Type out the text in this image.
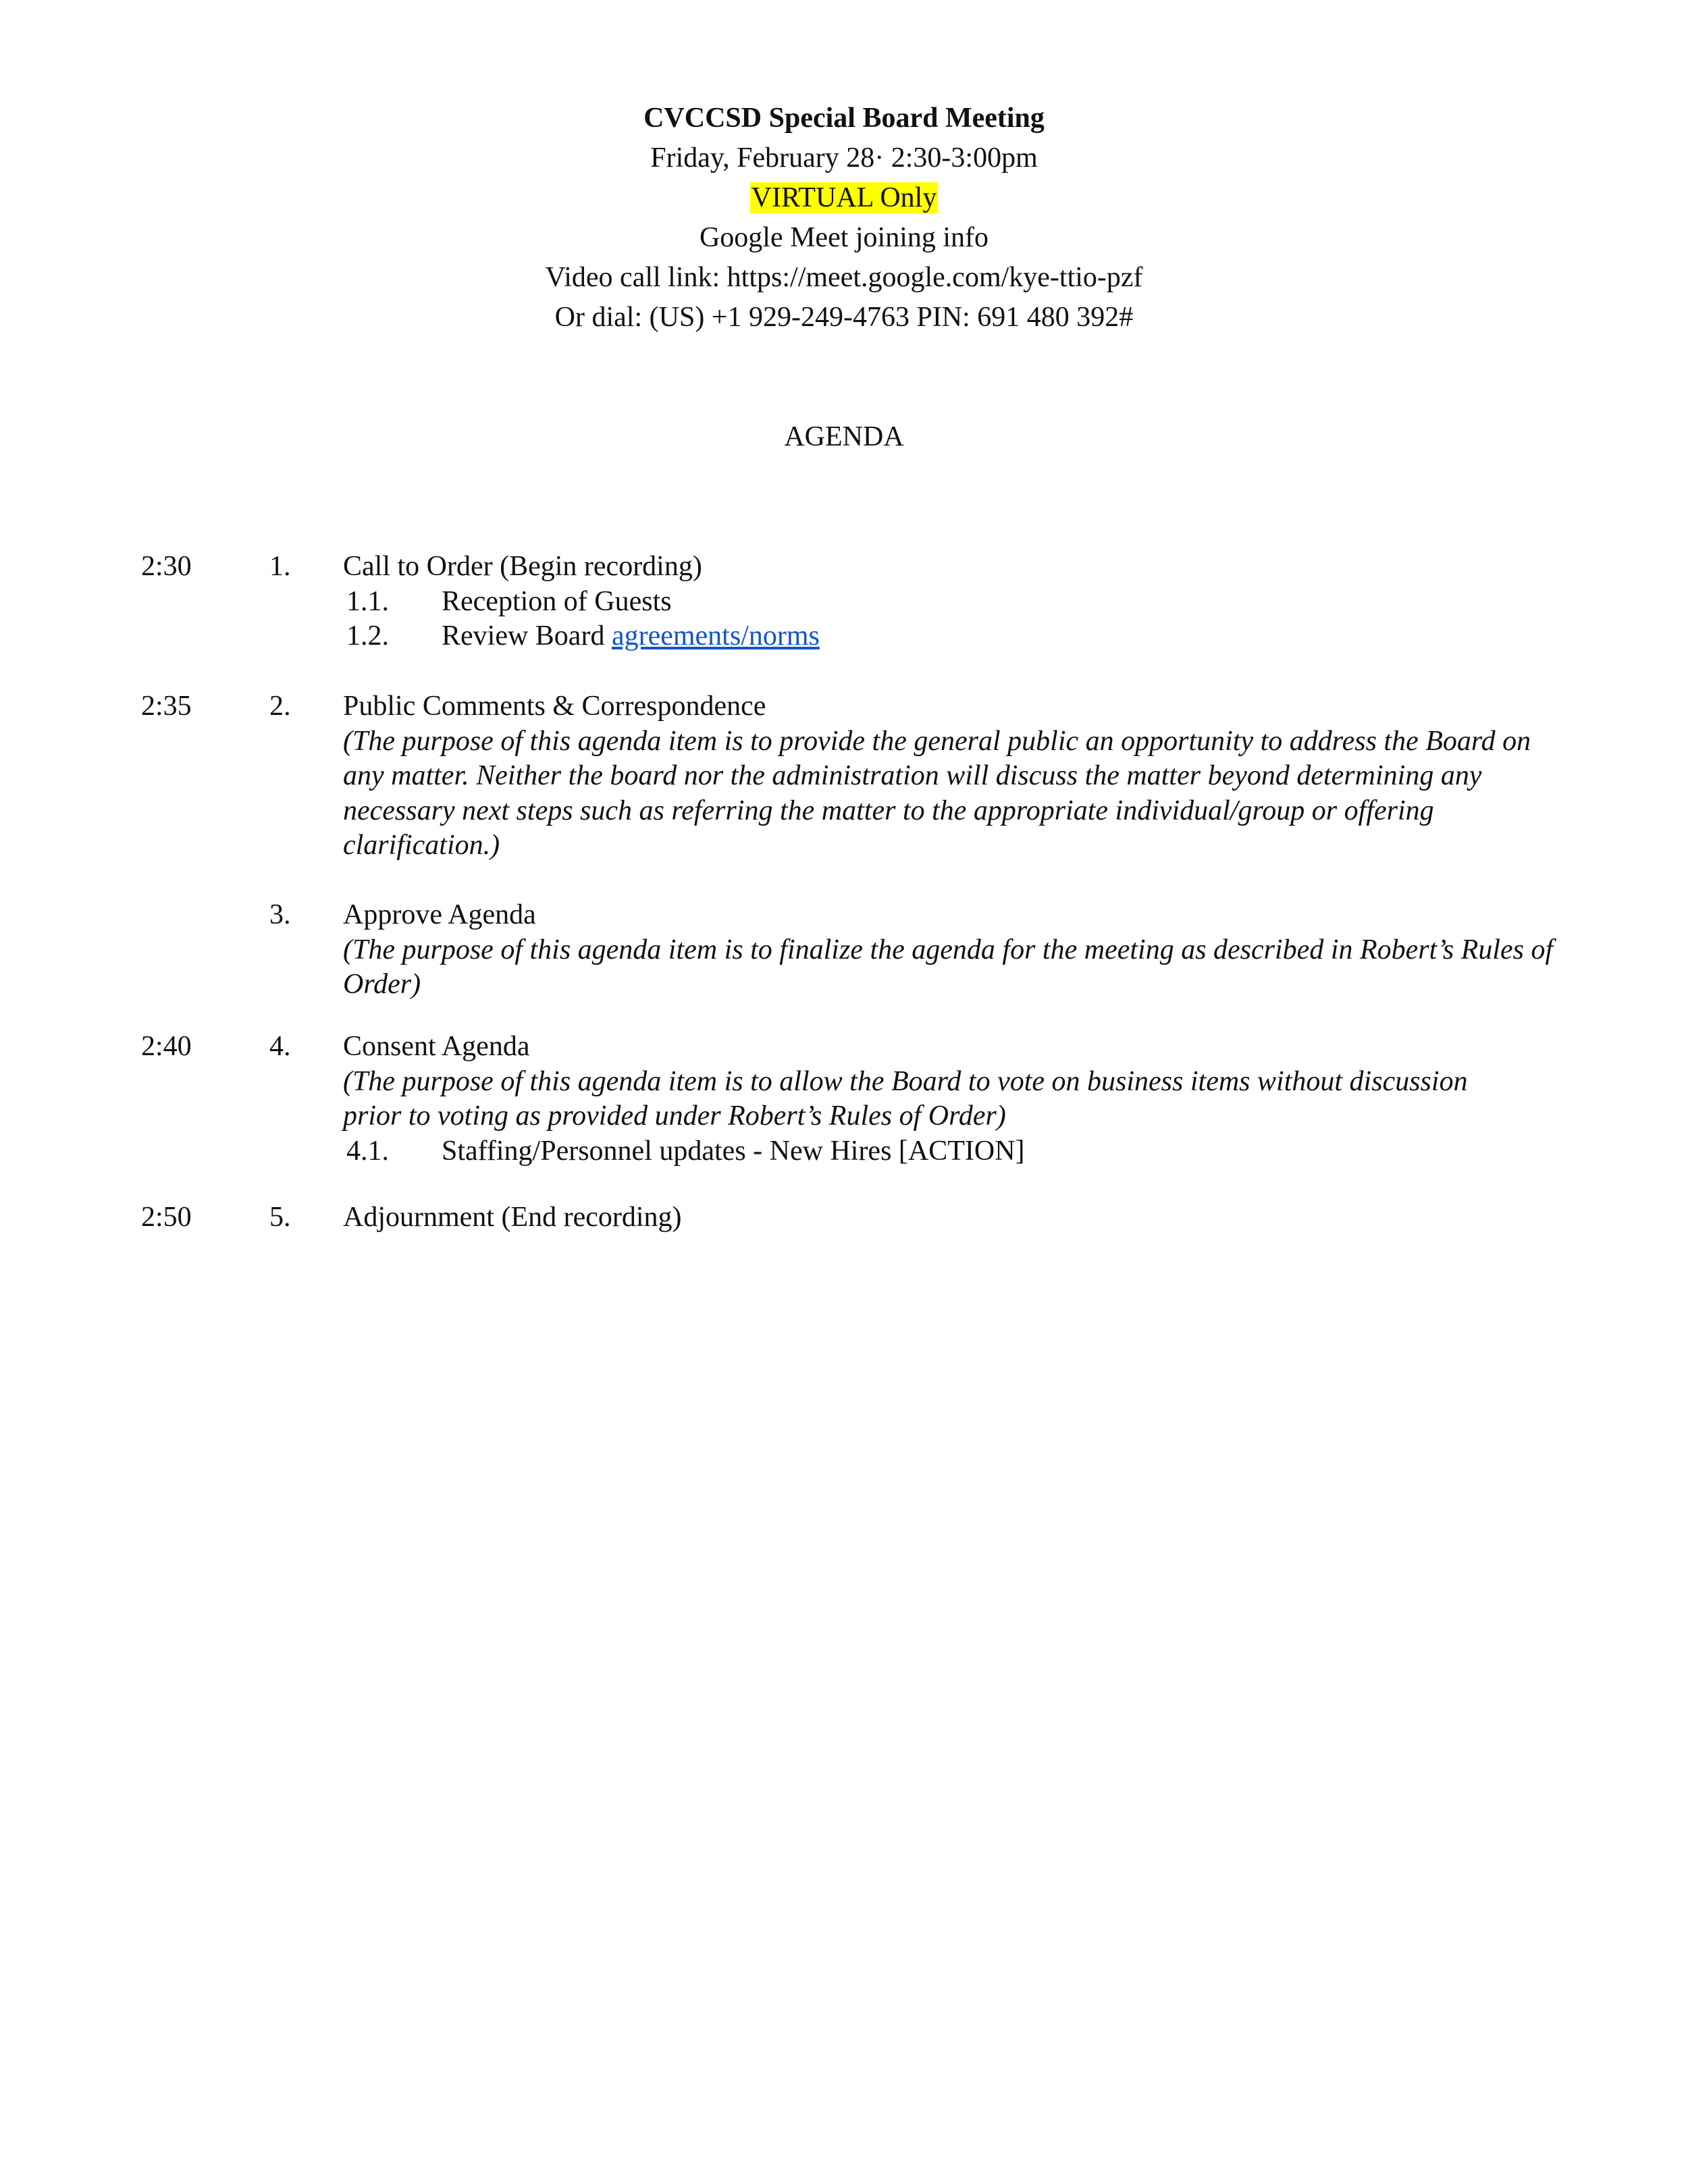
CVCCSD Special Board Meeting
Friday, February 28· 2:30-3:00pm
VIRTUAL Only
Google Meet joining info
Video call link: https://meet.google.com/kye-ttio-pzf
Or dial: (US) +1 929-249-4763 PIN: 691 480 392#
AGENDA
2:30	1. Call to Order (Begin recording)
1.1. Reception of Guests
1.2. Review Board agreements/norms
2:35	2. Public Comments & Correspondence
(The purpose of this agenda item is to provide the general public an opportunity to address the Board on any matter. Neither the board nor the administration will discuss the matter beyond determining any necessary next steps such as referring the matter to the appropriate individual/group or offering clarification.)
3. Approve Agenda
(The purpose of this agenda item is to finalize the agenda for the meeting as described in Robert’s Rules of Order)
2:40	4. Consent Agenda
(The purpose of this agenda item is to allow the Board to vote on business items without discussion prior to voting as provided under Robert’s Rules of Order)
4.1. Staffing/Personnel updates - New Hires [ACTION]
2:50	5. Adjournment (End recording)
